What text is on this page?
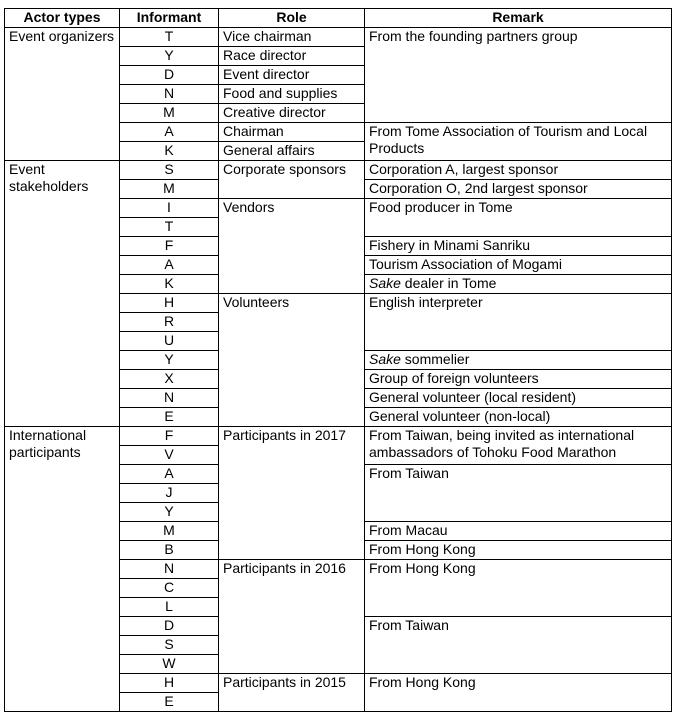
Actor types	Informant	Role	Remark
Event organizers	T	Vice chairman	From the founding partners group
	Y	Race director	
	D	Event director	
	N	Food and supplies	
	M	Creative director	
	A	Chairman	From Tome Association of Tourism and Local Products
	K	General affairs	
Event stakeholders	S	Corporate sponsors	Corporation A, largest sponsor
	M		Corporation O, 2nd largest sponsor
	I	Vendors	Food producer in Tome
	T		
	F		Fishery in Minami Sanriku
	A		Tourism Association of Mogami
	K		Sake dealer in Tome
	H	Volunteers	English interpreter
	R		
	U		
	Y		Sake sommelier
	X		Group of foreign volunteers
	N		General volunteer (local resident)
	E		General volunteer (non-local)
International participants	F	Participants in 2017	From Taiwan, being invited as international ambassadors of Tohoku Food Marathon
	V		
	A		From Taiwan
	J		
	Y		
	M		From Macau
	B		From Hong Kong
	N	Participants in 2016	From Hong Kong
	C		
	L		
	D		From Taiwan
	S		
	W		
	H	Participants in 2015	From Hong Kong
	E		
